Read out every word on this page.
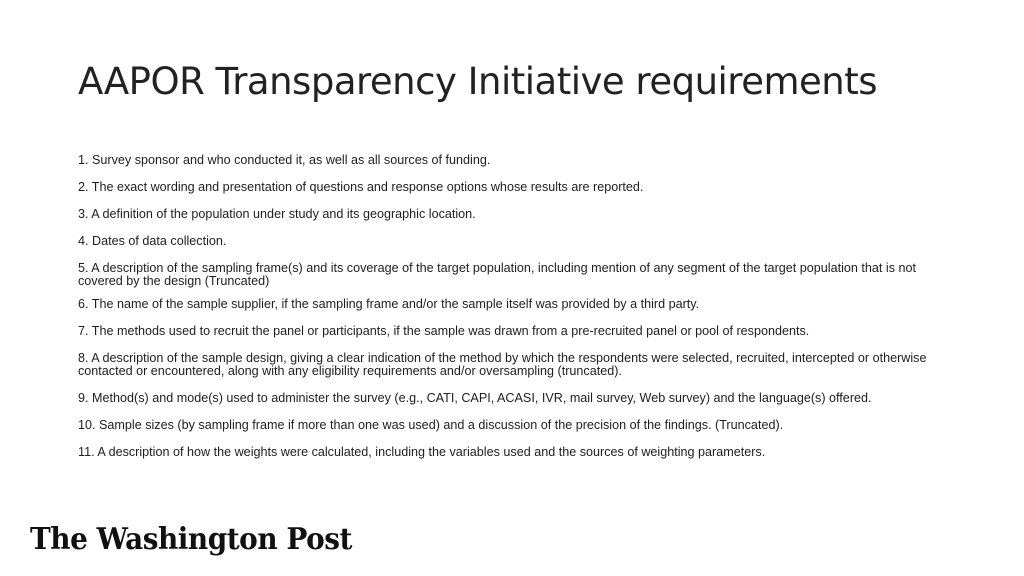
AAPOR Transparency Initiative requirements
1. Survey sponsor and who conducted it, as well as all sources of funding.
2. The exact wording and presentation of questions and response options whose results are reported.
3. A definition of the population under study and its geographic location.
4. Dates of data collection.
5. A description of the sampling frame(s) and its coverage of the target population, including mention of any segment of the target population that is not covered by the design (Truncated)
6. The name of the sample supplier, if the sampling frame and/or the sample itself was provided by a third party.
7. The methods used to recruit the panel or participants, if the sample was drawn from a pre-recruited panel or pool of respondents.
8. A description of the sample design, giving a clear indication of the method by which the respondents were selected, recruited, intercepted or otherwise contacted or encountered, along with any eligibility requirements and/or oversampling (truncated).
9. Method(s) and mode(s) used to administer the survey (e.g., CATI, CAPI, ACASI, IVR, mail survey, Web survey) and the language(s) offered.
10. Sample sizes (by sampling frame if more than one was used) and a discussion of the precision of the findings. (Truncated).
11. A description of how the weights were calculated, including the variables used and the sources of weighting parameters.
The Washington Post
